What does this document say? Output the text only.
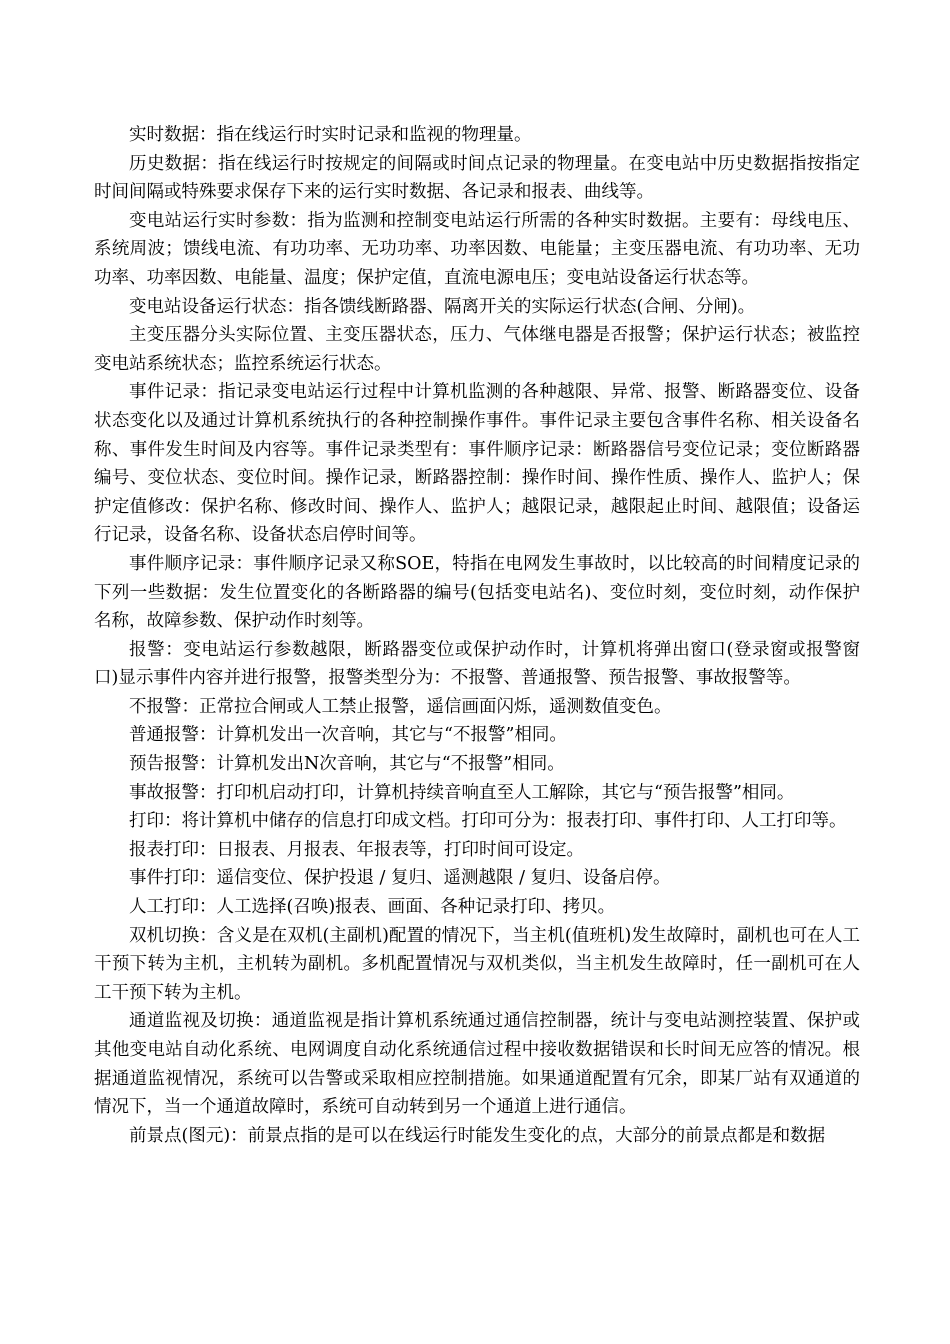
实时数据：指在线运行时实时记录和监视的物理量。

历史数据：指在线运行时按规定的间隔或时间点记录的物理量。在变电站中历史数据指按指定时间间隔或特殊要求保存下来的运行实时数据、各记录和报表、曲线等。

变电站运行实时参数：指为监测和控制变电站运行所需的各种实时数据。主要有：母线电压、系统周波；馈线电流、有功功率、无功功率、功率因数、电能量；主变压器电流、有功功率、无功功率、功率因数、电能量、温度；保护定值，直流电源电压；变电站设备运行状态等。

变电站设备运行状态：指各馈线断路器、隔离开关的实际运行状态(合闸、分闸)。

主变压器分头实际位置、主变压器状态，压力、气体继电器是否报警；保护运行状态；被监控变电站系统状态；监控系统运行状态。

事件记录：指记录变电站运行过程中计算机监测的各种越限、异常、报警、断路器变位、设备状态变化以及通过计算机系统执行的各种控制操作事件。事件记录主要包含事件名称、相关设备名称、事件发生时间及内容等。事件记录类型有：事件顺序记录：断路器信号变位记录；变位断路器编号、变位状态、变位时间。操作记录，断路器控制：操作时间、操作性质、操作人、监护人；保护定值修改：保护名称、修改时间、操作人、监护人；越限记录，越限起止时间、越限值；设备运行记录，设备名称、设备状态启停时间等。

事件顺序记录：事件顺序记录又称SOE，特指在电网发生事故时，以比较高的时间精度记录的下列一些数据：发生位置变化的各断路器的编号(包括变电站名)、变位时刻，变位时刻，动作保护名称，故障参数、保护动作时刻等。

报警：变电站运行参数越限，断路器变位或保护动作时，计算机将弹出窗口(登录窗或报警窗口)显示事件内容并进行报警，报警类型分为：不报警、普通报警、预告报警、事故报警等。

不报警：正常拉合闸或人工禁止报警，遥信画面闪烁，遥测数值变色。

普通报警：计算机发出一次音响，其它与“不报警”相同。

预告报警：计算机发出N次音响，其它与“不报警”相同。

事故报警：打印机启动打印，计算机持续音响直至人工解除，其它与“预告报警”相同。

打印：将计算机中储存的信息打印成文档。打印可分为：报表打印、事件打印、人工打印等。

报表打印：日报表、月报表、年报表等，打印时间可设定。

事件打印：遥信变位、保护投退 / 复归、遥测越限 / 复归、设备启停。

人工打印：人工选择(召唤)报表、画面、各种记录打印、拷贝。

双机切换：含义是在双机(主副机)配置的情况下，当主机(值班机)发生故障时，副机也可在人工干预下转为主机，主机转为副机。多机配置情况与双机类似，当主机发生故障时，任一副机可在人工干预下转为主机。

通道监视及切换：通道监视是指计算机系统通过通信控制器，统计与变电站测控装置、保护或其他变电站自动化系统、电网调度自动化系统通信过程中接收数据错误和长时间无应答的情况。根据通道监视情况，系统可以告警或采取相应控制措施。如果通道配置有冗余，即某厂站有双通道的情况下，当一个通道故障时，系统可自动转到另一个通道上进行通信。

前景点(图元)：前景点指的是可以在线运行时能发生变化的点，大部分的前景点都是和数据
